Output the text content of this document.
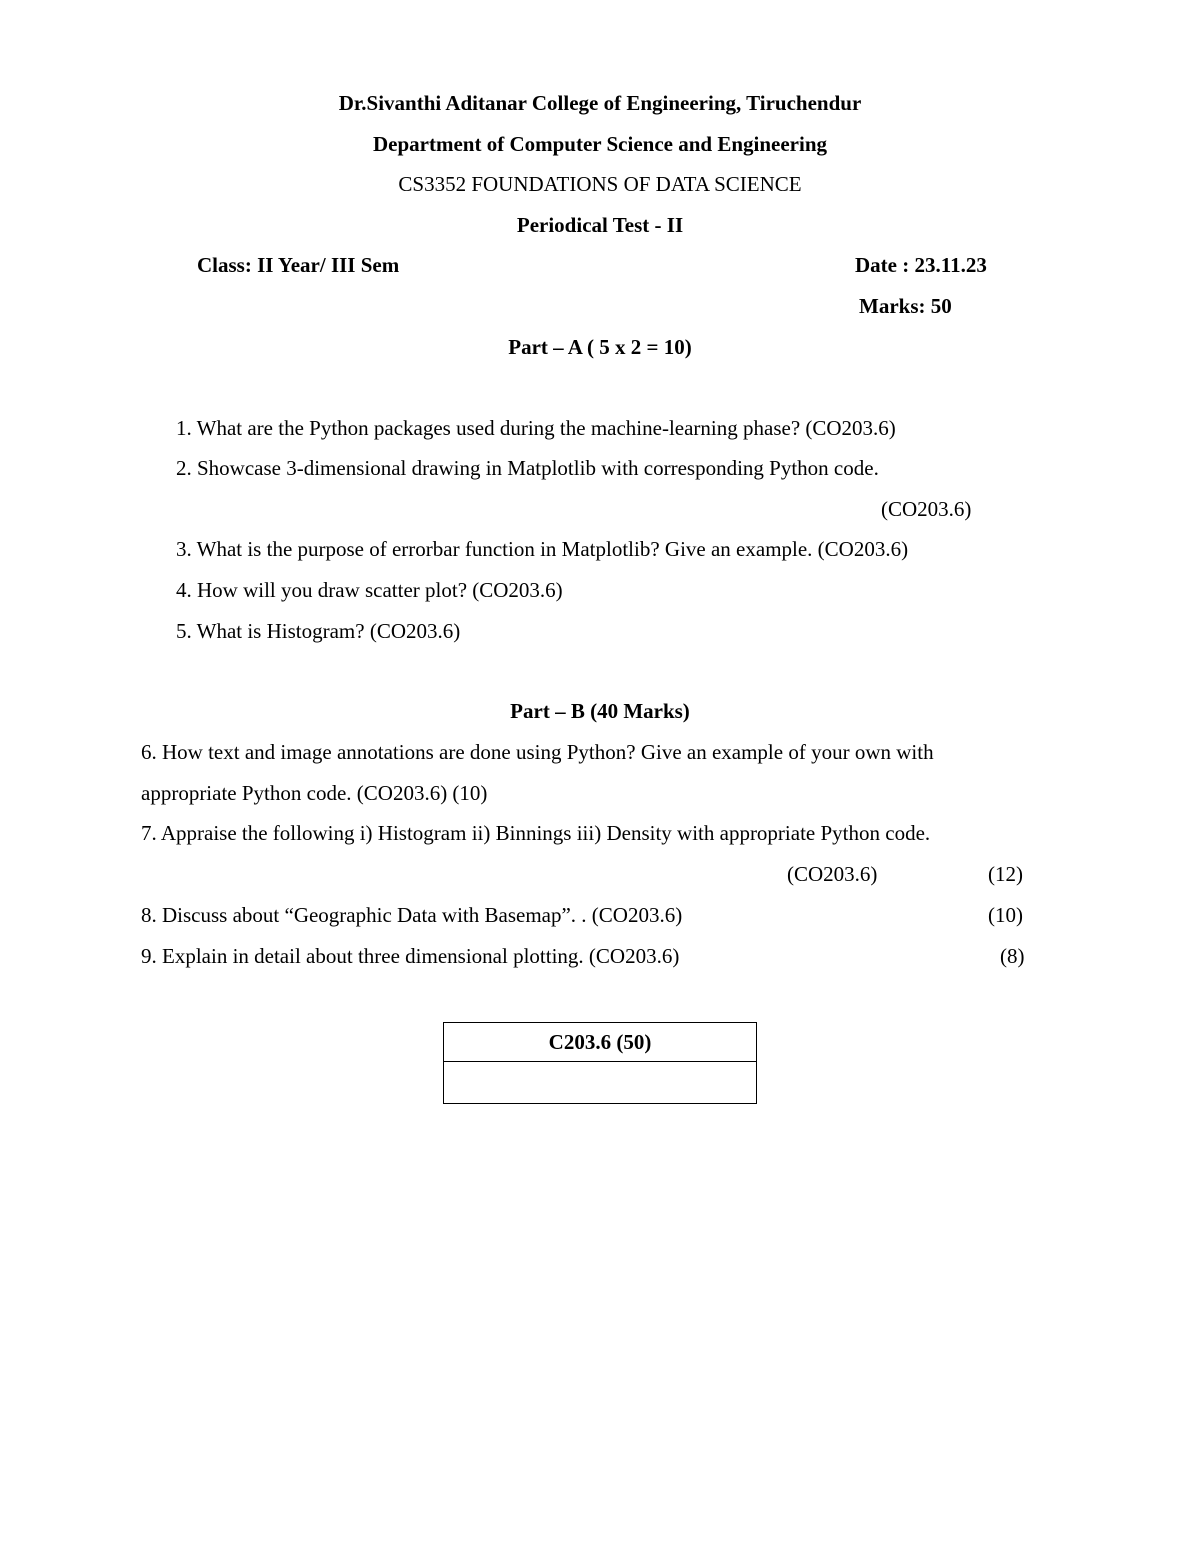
Dr.Sivanthi Aditanar College of Engineering, Tiruchendur
Department of Computer Science and Engineering
CS3352 FOUNDATIONS OF DATA SCIENCE
Periodical Test - II
Class: II Year/ III Sem	Date : 23.11.23
Marks: 50
Part – A ( 5 x 2 = 10)
1. What are the Python packages used during the machine-learning phase? (CO203.6)
2. Showcase 3-dimensional drawing in Matplotlib with corresponding Python code.
(CO203.6)
3. What is the purpose of errorbar function in Matplotlib? Give an example. (CO203.6)
4. How will you draw scatter plot? (CO203.6)
5. What is Histogram? (CO203.6)
Part – B (40 Marks)
6. How text and image annotations are done using Python? Give an example of your own with
appropriate Python code. (CO203.6) (10)
7. Appraise the following i) Histogram ii) Binnings iii) Density with appropriate Python code.
(CO203.6)	(12)
8. Discuss about “Geographic Data with Basemap”. . (CO203.6)	(10)
9. Explain in detail about three dimensional plotting. (CO203.6)	(8)
C203.6 (50)
